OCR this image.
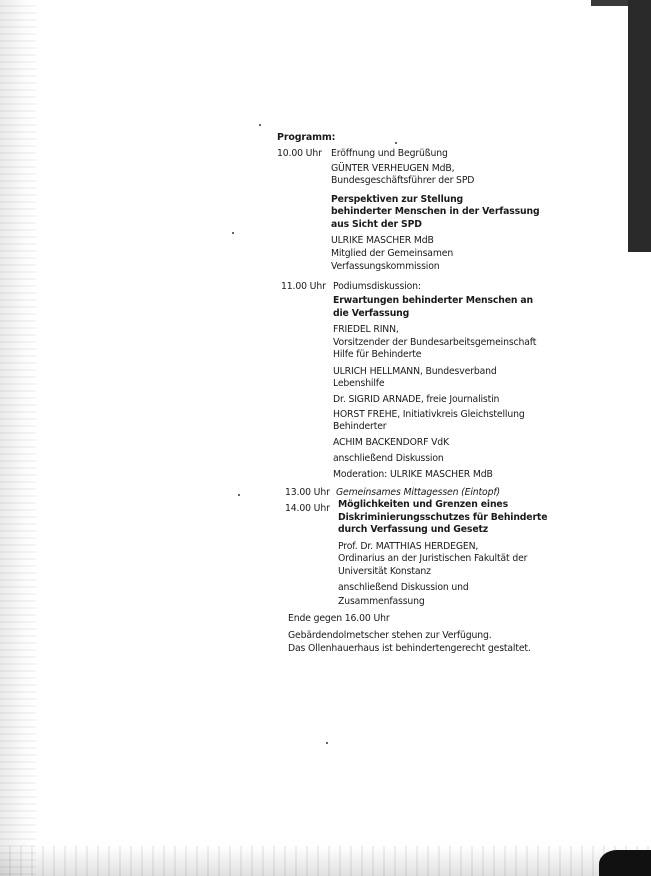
Programm:
10.00 Uhr Eröffnung und Begrüßung
GÜNTER VERHEUGEN MdB,
Bundesgeschäftsführer der SPD
Perspektiven zur Stellung
behinderter Menschen in der Verfassung
aus Sicht der SPD
ULRIKE MASCHER MdB
Mitglied der Gemeinsamen
Verfassungskommission
11.00 Uhr Podiumsdiskussion:
Erwartungen behinderter Menschen an
die Verfassung
FRIEDEL RINN,
Vorsitzender der Bundesarbeitsgemeinschaft
Hilfe für Behinderte
ULRICH HELLMANN, Bundesverband
Lebenshilfe
Dr. SIGRID ARNADE, freie Journalistin
HORST FREHE, Initiativkreis Gleichstellung
Behinderter
ACHIM BACKENDORF VdK
anschließend Diskussion
Moderation: ULRIKE MASCHER MdB
13.00 Uhr Gemeinsames Mittagessen (Eintopf)
14.00 Uhr Möglichkeiten und Grenzen eines
Diskriminierungsschutzes für Behinderte
durch Verfassung und Gesetz
Prof. Dr. MATTHIAS HERDEGEN,
Ordinarius an der Juristischen Fakultät der
Universität Konstanz
anschließend Diskussion und
Zusammenfassung
Ende gegen 16.00 Uhr
Gebärdendolmetscher stehen zur Verfügung.
Das Ollenhauerhaus ist behindertengerecht gestaltet.
